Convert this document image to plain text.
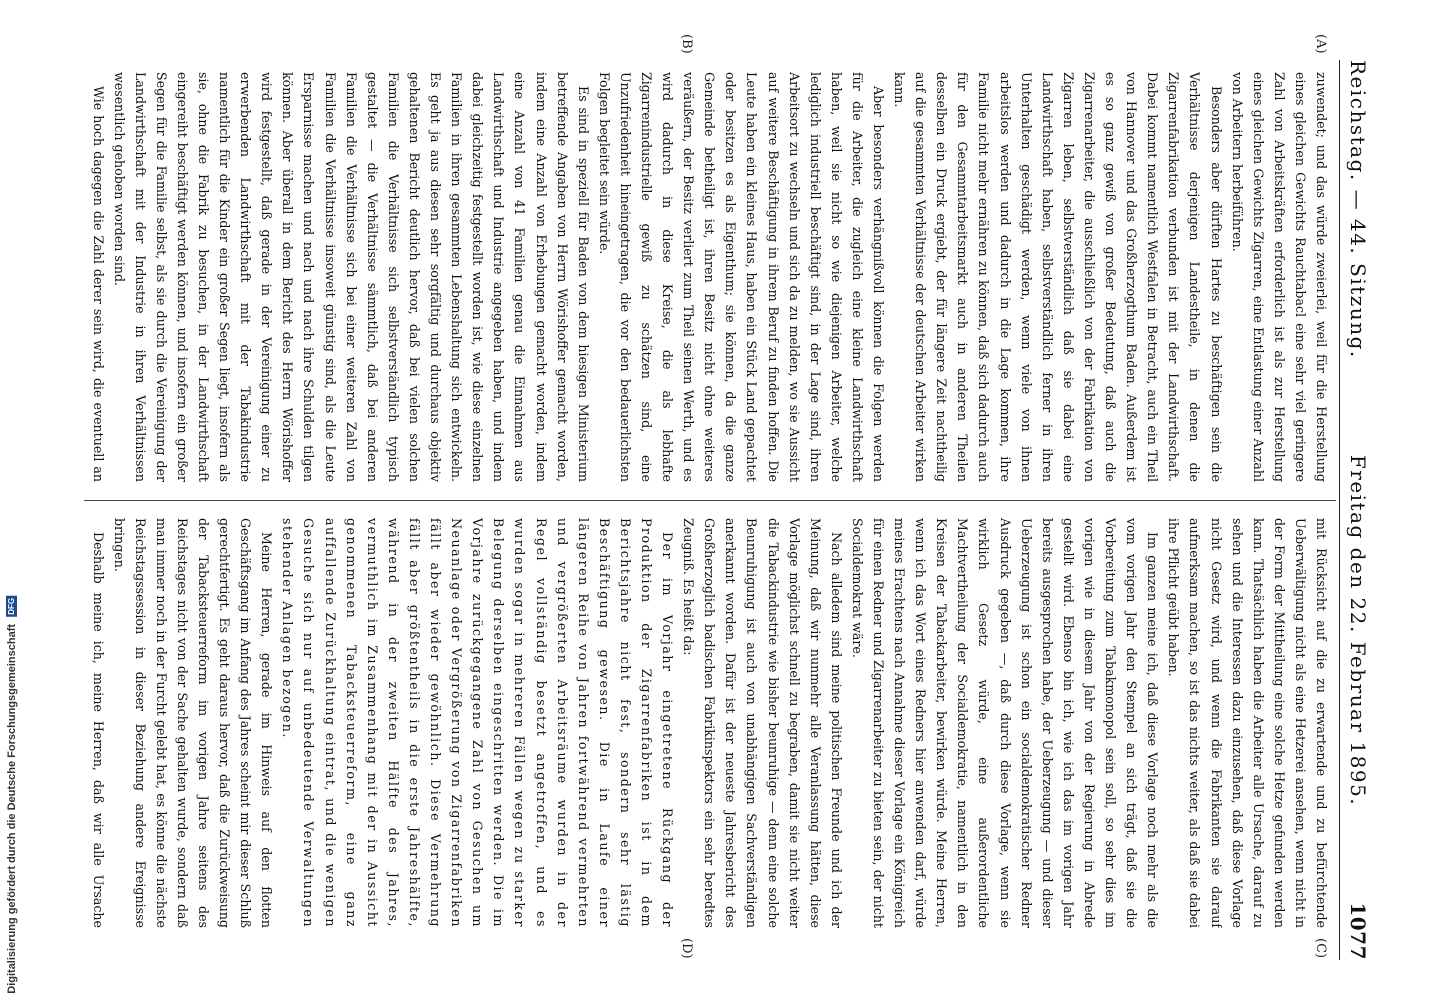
Reichstag. — 44. Sitzung.
Freitag den 22. Februar 1895.
1077
(A)
(B)
(C)
(D)

zuwendet; und das würde zweierlei, weil für die Herstellung eines gleichen Gewichts Rauchtabacl eine sehr viel geringere Zahl von Arbeitskräften erforderlich ist als zur Herstellung eines gleichen Gewichts Zigarren, eine Entlastung einer Anzahl von Arbeitern herbeiführen.

Besonders aber dürften Hartes zu beschäftigen sein die Verhältnisse derjenigen Landestheile, in denen die Zigarrenfabrikation verbunden ist mit der Landwirthschaft. Dabei kommt namentlich Westfalen in Betracht, auch ein Theil von Hannover und das Großherzogthum Baden. Außerdem ist es so ganz gewiß von großer Bedeutung, daß auch die Zigarrenarbeiter, die ausschließlich von der Fabrikation von Zigarren leben, selbstverständlich daß sie dabei eine Landwirthschaft haben, selbstverständlich ferner in ihren Unterhalten geschädigt werden, wenn viele von ihnen arbeitslos werden und dadurch in die Lage kommen, ihre Familie nicht mehr ernähren zu können, daß sich dadurch auch für den Gesammtarbeitsmarkt auch in anderen Theilen desselben ein Druck ergiebt, der für längere Zeit nachtheilig auf die gesammten Verhältnisse der deutschen Arbeiter wirken kann.

Aber besonders verhängnißvoll können die Folgen werden für die Arbeiter, die zugleich eine kleine Landwirthschaft haben, weil sie nicht so wie diejenigen Arbeiter, welche lediglich industriell beschäftigt sind, in der Lage sind, ihren Arbeitsort zu wechseln und sich da zu melden, wo sie Aussicht auf weitere Beschäftigung in ihrem Beruf zu finden hoffen. Die Leute haben ein kleines Haus, haben ein Stück Land gepachtet oder besitzen es als Eigenthum; sie können, da die ganze Gemeinde betheiligt ist, ihren Besitz nicht ohne weiteres veräußern, der Besitz verliert zum Theil seinen Werth, und es wird dadurch in diese Kreise, die als lebhafte Zigarrenindustrielle gewiß zu schätzen sind, eine Unzufriedenheit hineingetragen, die vor den bedauerlichsten Folgen begleitet sein würde.

Es sind in speziell für Baden von dem hiesigen Ministerium betreffende Angaben von Herrn Wörishoffer gemacht worden, indem eine Anzahl von Erhebungen gemacht worden, indem eine Anzahl von 41 Familien genau die Einnahmen aus Landwirthschaft und Industrie angegeben haben, und indem dabei gleichzeitig festgestellt worden ist, wie diese einzelnen Familien in ihren gesammten Lebenshaltung sich entwickeln. Es geht ja aus diesen sehr sorgfältig und durchaus objektiv gehaltenen Bericht deutlich hervor, daß bei vielen solchen Familien die Verhältnisse sich selbstverständlich typisch gestaltet — die Verhältnisse sämmtlich, daß bei anderen Familien die Verhältnisse sich bei einer weiteren Zahl von Familien die Verhältnisse insoweit günstig sind, als die Leute Ersparnisse machen und nach und nach ihre Schulden tilgen können. Aber überall in dem Bericht des Herrn Wörishoffer wird festgestellt, daß gerade in der Vereinigung einer zu erwerbenden Landwirthschaft mit der Tabakindustrie namentlich für die Kinder ein großer Segen liegt, insofern als sie, ohne die Fabrik zu besuchen, in der Landwirthschaft eingereiht beschäftigt werden können, und insofern ein großer Segen für die Familie selbst, als sie durch die Vereinigung der Landwirthschaft mit der Industrie in ihren Verhältnissen wesentlich gehoben worden sind.

Wie hoch dagegen die Zahl derer sein wird, die eventuell an

mit Rücksicht auf die zu erwartende und zu befürchtende Ueberwältigung nicht als eine Hetzerei ansehen, wenn nicht in der Form der Mittheilung eine solche Hetze gefunden werden kann. Thatsächlich haben die Arbeiter alle Ursache, darauf zu sehen und die Interessen dazu einzusehen, daß diese Vorlage nicht Gesetz wird, und wenn die Fabrikanten sie darauf aufmerksam machen, so ist das nichts weiter, als daß sie dabei ihre Pflicht geübt haben.

Im ganzen meine ich, daß diese Vorlage noch mehr als die vom vorigen Jahr den Stempel an sich trägt, daß sie die Vorbereitung zum Tabakmonopol sein soll, so sehr dies im vorigen wie in diesem Jahr von der Regierung in Abrede gestellt wird. Ebenso bin ich, wie ich das im vorigen Jahr bereits ausgesprochen habe, der Ueberzeugung — und dieser Ueberzeugung ist schon ein socialdemokratischer Redner Ausdruck gegeben —, daß durch diese Vorlage, wenn sie wirklich Gesetz würde, eine außerordentliche Machtvertheilung der Socialdemokratie, namentlich in den Kreisen der Tabackarbeiter, bewirken würde. Meine Herren, wenn ich das Wort eines Redners hier anwenden darf, würde meines Erachtens nach Annahme dieser Vorlage ein Königreich für einen Redner und Zigarrenarbeiter zu bieten sein, der nicht Socialdemokrat wäre.

Nach alledem sind meine politischen Freunde und ich der Meinung, daß wir nunmehr alle Veranlassung hätten, diese Vorlage möglichst schnell zu begraben, damit sie nicht weiter die Tabackindustrie wie bisher beunruhige — denn eine solche Beunruhigung ist auch von unabhängigen Sachverständigen anerkannt worden. Dafür ist der neueste Jahresbericht des Großherzoglich badischen Fabrikinspektors ein sehr beredtes Zeugniß. Es heißt da:

Der im Vorjahr eingetretene Rückgang der Produktion der Zigarrenfabriken ist in dem Berichtsjahre nicht fest, sondern sehr lästig Beschäftigung gewesen. Die in Laufe einer längeren Reihe von Jahren fortwährend vermehrten und vergrößerten Arbeitsräume wurden in der Regel vollständig besetzt angetroffen, und es wurden sogar in mehreren Fällen wegen zu starker Belegung derselben eingeschritten werden. Die im Vorjahre zurückgegangene Zahl von Gesuchen um Neuanlage oder Vergrößerung von Zigarrenfabriken fällt aber wieder gewöhnlich. Diese Vermehrung fällt aber größtentheils in die erste Jahreshälfte, während in der zweiten Hälfte des Jahres, vermuthlich im Zusammenhang mit der in Aussicht genommenen Tabacksteuerreform, eine ganz auffallende Zurückhaltung eintrat, und die wenigen Gesuche sich nur auf unbedeutende Verwaltungen stehender Anlagen bezogen.

Meine Herren, gerade im Hinweis auf den flotten Geschäftsgang im Anfang des Jahres scheint mir dieser Schluß gerechtfertigt. Es geht daraus hervor, daß die Zurückweisung der Tabacksteuerreform im vorigen Jahre seitens des Reichstages nicht von der Sache gehalten wurde, sondern daß man immer noch in der Furcht gelebt hat, es könne die nächste Reichstagssession in dieser Beziehung andere Ereignisse bringen.

Deshalb meine ich, meine Herren, daß wir alle Ursache

Digitalisierung gefördert durch die Deutsche Forschungsgemeinschaft DFG
